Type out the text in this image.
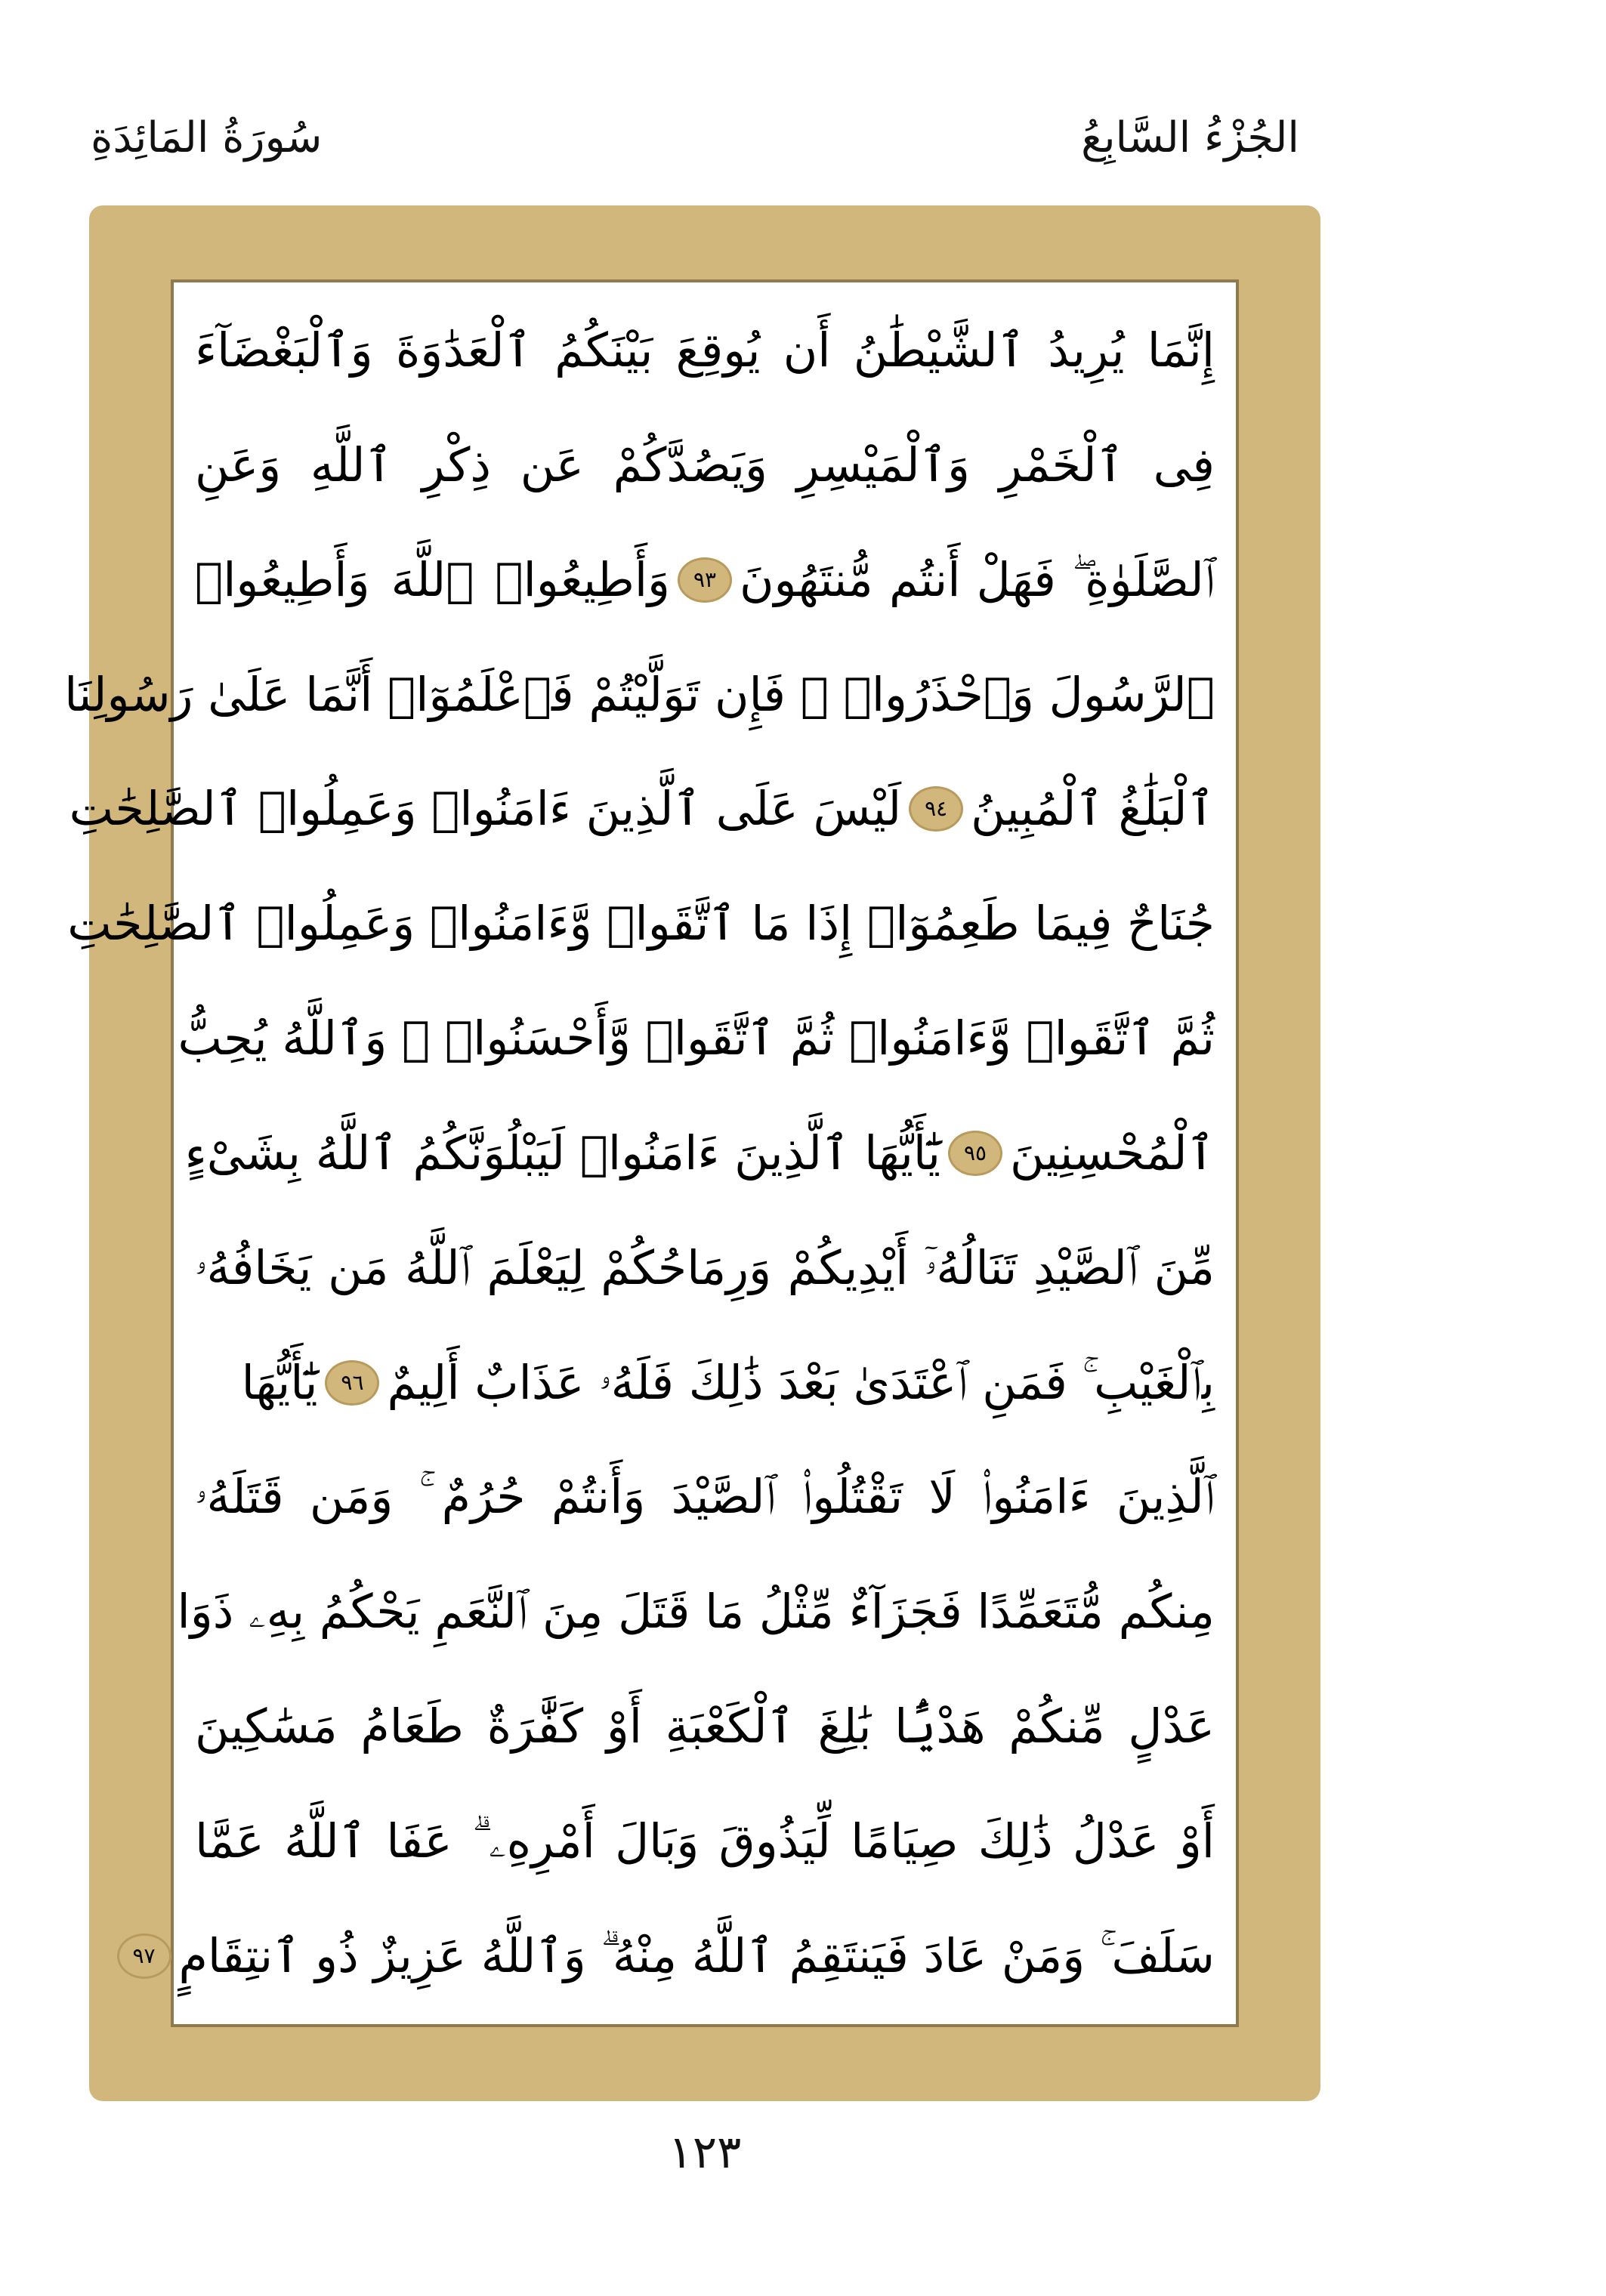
الجُزْءُ السَّابِعُ
سُورَةُ المَائِدَةِ
إِنَّمَا يُرِيدُ ٱلشَّيْطَٰنُ أَن يُوقِعَ بَيْنَكُمُ ٱلْعَدَٰوَةَ وَٱلْبَغْضَآءَ
فِى ٱلْخَمْرِ وَٱلْمَيْسِرِ وَيَصُدَّكُمْ عَن ذِكْرِ ٱللَّهِ وَعَنِ
ٱلصَّلَوٰةِ ۖ فَهَلْ أَنتُم مُّنتَهُونَ
٩٣
وَأَطِيعُوا۟ ٱللَّهَ وَأَطِيعُوا۟
ٱلرَّسُولَ وَٱحْذَرُوا۟ ۚ فَإِن تَوَلَّيْتُمْ فَٱعْلَمُوٓا۟ أَنَّمَا عَلَىٰ رَسُولِنَا
ٱلْبَلَٰغُ ٱلْمُبِينُ
٩٤
لَيْسَ عَلَى ٱلَّذِينَ ءَامَنُوا۟ وَعَمِلُوا۟ ٱلصَّٰلِحَٰتِ
جُنَاحٌ فِيمَا طَعِمُوٓا۟ إِذَا مَا ٱتَّقَوا۟ وَّءَامَنُوا۟ وَعَمِلُوا۟ ٱلصَّٰلِحَٰتِ
ثُمَّ ٱتَّقَوا۟ وَّءَامَنُوا۟ ثُمَّ ٱتَّقَوا۟ وَّأَحْسَنُوا۟ ۗ وَٱللَّهُ يُحِبُّ
ٱلْمُحْسِنِينَ
٩٥
يَٰٓأَيُّهَا ٱلَّذِينَ ءَامَنُوا۟ لَيَبْلُوَنَّكُمُ ٱللَّهُ بِشَىْءٍ
مِّنَ ٱلصَّيْدِ تَنَالُهُۥٓ أَيْدِيكُمْ وَرِمَاحُكُمْ لِيَعْلَمَ ٱللَّهُ مَن يَخَافُهُۥ
بِٱلْغَيْبِ ۚ فَمَنِ ٱعْتَدَىٰ بَعْدَ ذَٰلِكَ فَلَهُۥ عَذَابٌ أَلِيمٌ
٩٦
يَٰٓأَيُّهَا
ٱلَّذِينَ ءَامَنُوا۟ لَا تَقْتُلُوا۟ ٱلصَّيْدَ وَأَنتُمْ حُرُمٌ ۚ وَمَن قَتَلَهُۥ
مِنكُم مُّتَعَمِّدًا فَجَزَآءٌ مِّثْلُ مَا قَتَلَ مِنَ ٱلنَّعَمِ يَحْكُمُ بِهِۦ ذَوَا
عَدْلٍ مِّنكُمْ هَدْيًۢا بَٰلِغَ ٱلْكَعْبَةِ أَوْ كَفَّٰرَةٌ طَعَامُ مَسَٰكِينَ
أَوْ عَدْلُ ذَٰلِكَ صِيَامًا لِّيَذُوقَ وَبَالَ أَمْرِهِۦ ۗ عَفَا ٱللَّهُ عَمَّا
سَلَفَ ۚ وَمَنْ عَادَ فَيَنتَقِمُ ٱللَّهُ مِنْهُ ۗ وَٱللَّهُ عَزِيزٌ ذُو ٱنتِقَامٍ
٩٧
١٢٣
